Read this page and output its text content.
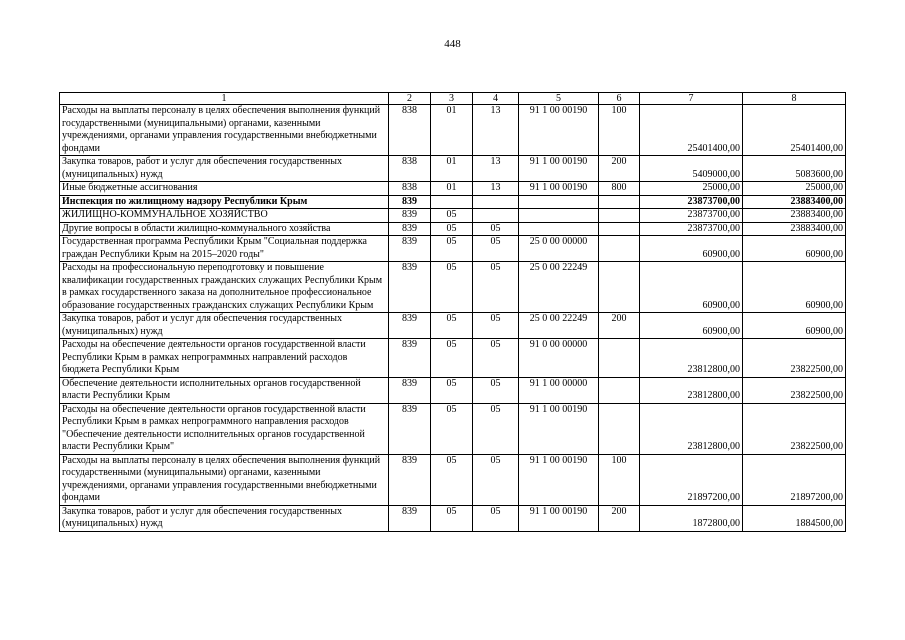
448
1	2	3	4	5	6	7	8
Расходы на выплаты персоналу в целях обеспечения выполнения функций государственными (муниципальными) органами, казенными учреждениями, органами управления государственными внебюджетными фондами	838	01	13	91 1 00 00190	100	25401400,00	25401400,00
Закупка товаров, работ и услуг для обеспечения государственных (муниципальных) нужд	838	01	13	91 1 00 00190	200	5409000,00	5083600,00
Иные бюджетные ассигнования	838	01	13	91 1 00 00190	800	25000,00	25000,00
Инспекция по жилищному надзору Республики Крым	839					23873700,00	23883400,00
ЖИЛИЩНО-КОММУНАЛЬНОЕ ХОЗЯЙСТВО	839	05				23873700,00	23883400,00
Другие вопросы в области жилищно-коммунального хозяйства	839	05	05			23873700,00	23883400,00
Государственная программа Республики Крым "Социальная поддержка граждан Республики Крым на 2015–2020 годы"	839	05	05	25 0 00 00000		60900,00	60900,00
Расходы на профессиональную переподготовку и повышение квалификации государственных гражданских служащих Республики Крым в рамках государственного заказа на дополнительное профессиональное образование государственных гражданских служащих Республики Крым	839	05	05	25 0 00 22249		60900,00	60900,00
Закупка товаров, работ и услуг для обеспечения государственных (муниципальных) нужд	839	05	05	25 0 00 22249	200	60900,00	60900,00
Расходы на обеспечение деятельности органов государственной власти Республики Крым в рамках непрограммных направлений расходов бюджета Республики Крым	839	05	05	91 0 00 00000		23812800,00	23822500,00
Обеспечение деятельности исполнительных органов государственной власти Республики Крым	839	05	05	91 1 00 00000		23812800,00	23822500,00
Расходы на обеспечение деятельности органов государственной власти Республики Крым в рамках непрограммного направления расходов "Обеспечение деятельности исполнительных органов государственной власти Республики Крым"	839	05	05	91 1 00 00190		23812800,00	23822500,00
Расходы на выплаты персоналу в целях обеспечения выполнения функций государственными (муниципальными) органами, казенными учреждениями, органами управления государственными внебюджетными фондами	839	05	05	91 1 00 00190	100	21897200,00	21897200,00
Закупка товаров, работ и услуг для обеспечения государственных (муниципальных) нужд	839	05	05	91 1 00 00190	200	1872800,00	1884500,00
